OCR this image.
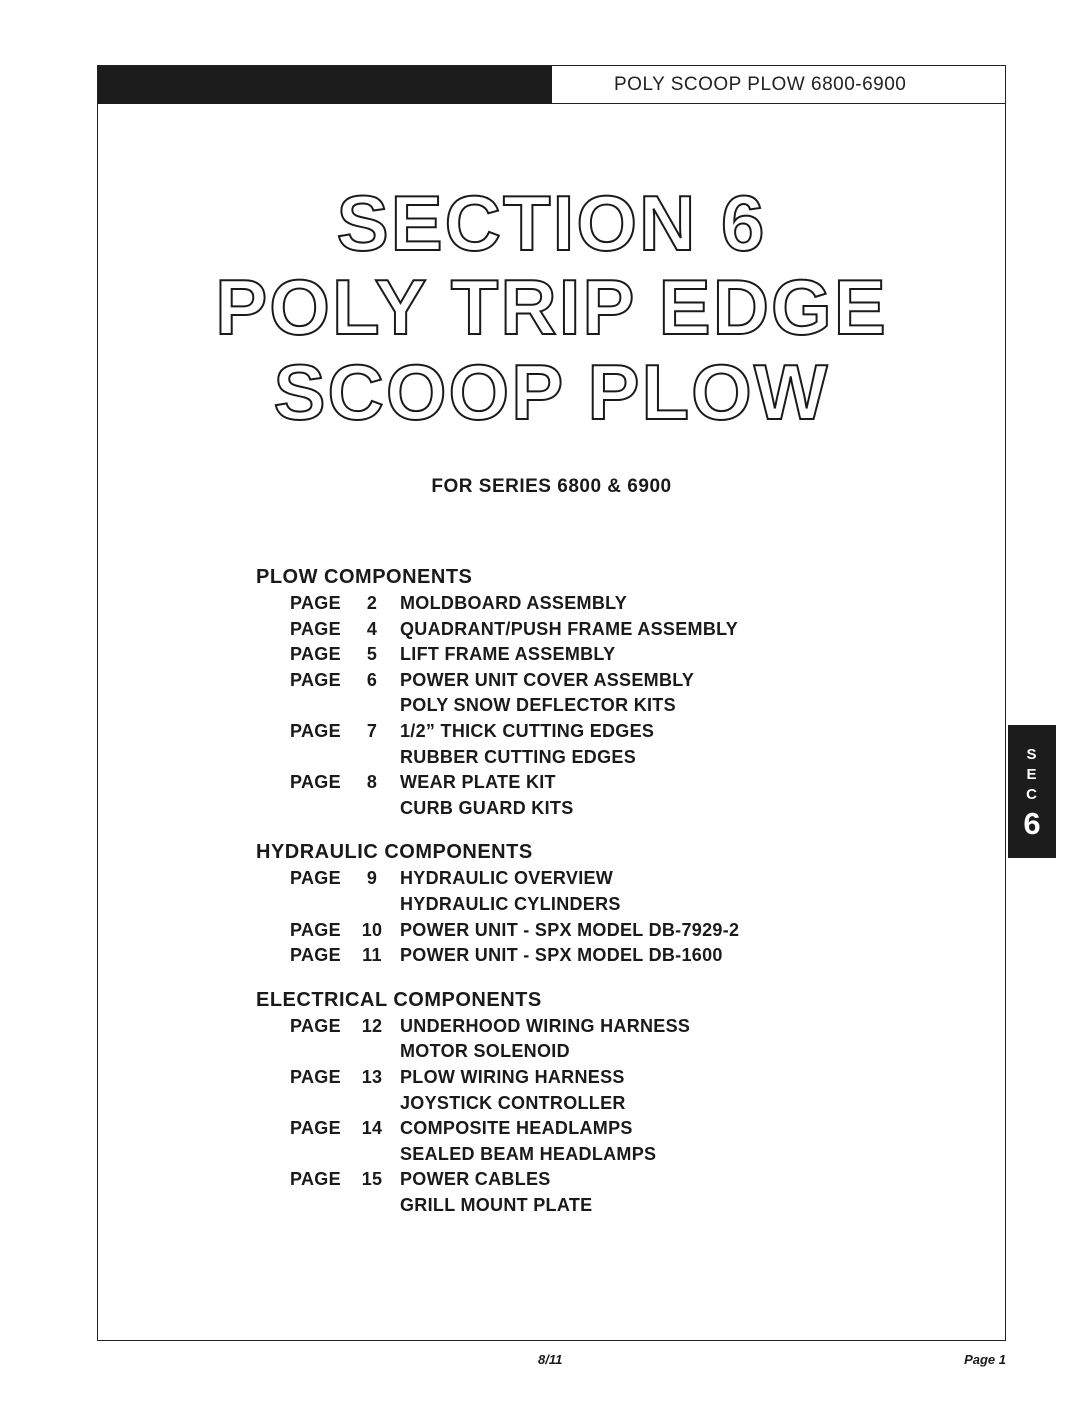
POLY SCOOP PLOW 6800-6900
SECTION 6
POLY TRIP EDGE
SCOOP PLOW
FOR SERIES 6800 & 6900
PLOW COMPONENTS
PAGE	2	MOLDBOARD ASSEMBLY
PAGE	4	QUADRANT/PUSH FRAME ASSEMBLY
PAGE	5	LIFT FRAME ASSEMBLY
PAGE	6	POWER UNIT COVER ASSEMBLY
POLY SNOW DEFLECTOR KITS
PAGE	7	1/2” THICK CUTTING EDGES
RUBBER CUTTING EDGES
PAGE	8	WEAR PLATE KIT
CURB GUARD KITS
HYDRAULIC COMPONENTS
PAGE	9	HYDRAULIC OVERVIEW
HYDRAULIC CYLINDERS
PAGE 10 POWER UNIT - SPX MODEL DB-7929-2
PAGE 11 POWER UNIT - SPX MODEL DB-1600
ELECTRICAL COMPONENTS
PAGE 12 UNDERHOOD WIRING HARNESS
MOTOR SOLENOID
PAGE 13 PLOW WIRING HARNESS
JOYSTICK CONTROLLER
PAGE 14 COMPOSITE HEADLAMPS
SEALED BEAM HEADLAMPS
PAGE 15 POWER CABLES
GRILL MOUNT PLATE
S
E
C
6
8/11	Page 1
